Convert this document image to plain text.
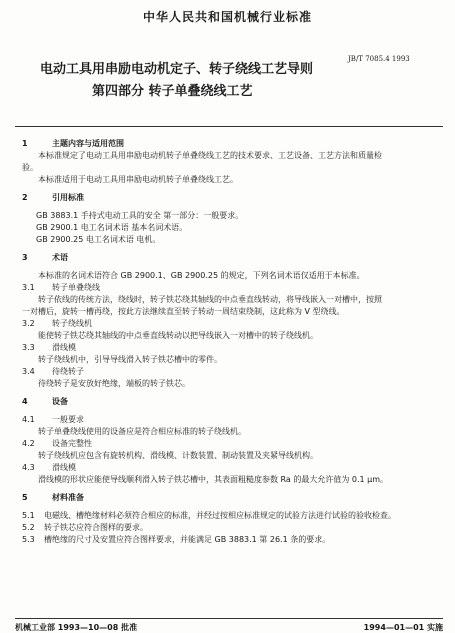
中华人民共和国机械行业标准
电动工具用串励电动机定子、转子绕线工艺导则
JB/T 7085.4 1993
第四部分 转子单叠绕线工艺
1	主题内容与适用范围
本标准规定了电动工具用串励电动机转子单叠绕线工艺的技术要求、工艺设备、工艺方法和质量检
验。
本标准适用于电动工具用串励电动机转子单叠绕线工艺。
2	引用标准
GB 3883.1 手持式电动工具的安全 第一部分：一般要求。
GB 2900.1 电工名词术语 基本名词术语。
GB 2900.25 电工名词术语 电机。
3	术语
本标准的名词术语符合 GB 2900.1、GB 2900.25 的规定，下列名词术语仅适用于本标准。
3.1 转子单叠绕线
转子依线的传统方法，绕线时，转子铁芯绕其轴线的中点垂直线转动，将导线嵌入一对槽中，按照
一对槽后，旋转一槽再绕，按此方法继续直至转子转动一周结束绕制，这此称为 V 型绕线。
3.2 转子绕线机
能使转子铁芯绕其轴线的中点垂直线转动以把导线嵌入一对槽中的转子绕线机。
3.3 滑线模
转子绕线机中，引导导线滑入转子铁芯槽中的零件。
3.4 待绕转子
待绕转子是安放好绝缘，端板的转子铁芯。
4	设备
4.1 一般要求
转子单叠绕线使用的设备应是符合相应标准的转子绕线机。
4.2 设备完整性
转子绕线机应包含有旋转机构、滑线模、计数装置、制动装置及夹紧导线机构。
4.3 滑线模
滑线模的形状应能使导线顺利滑入转子铁芯槽中，其表面粗糙度参数 Ra 的最大允许值为 0.1 μm。
5	材料准备
5.1 电磁线、槽绝缘材料必须符合相应的标准，并经过按相应标准规定的试验方法进行试验的验收检查。
5.2 转子铁芯应符合图样的要求。
5.3 槽绝缘的尺寸及安置应符合图样要求，并能满足 GB 3883.1 第 26.1 条的要求。
机械工业部 1993—10—08 批准	1994—01—01 实施
